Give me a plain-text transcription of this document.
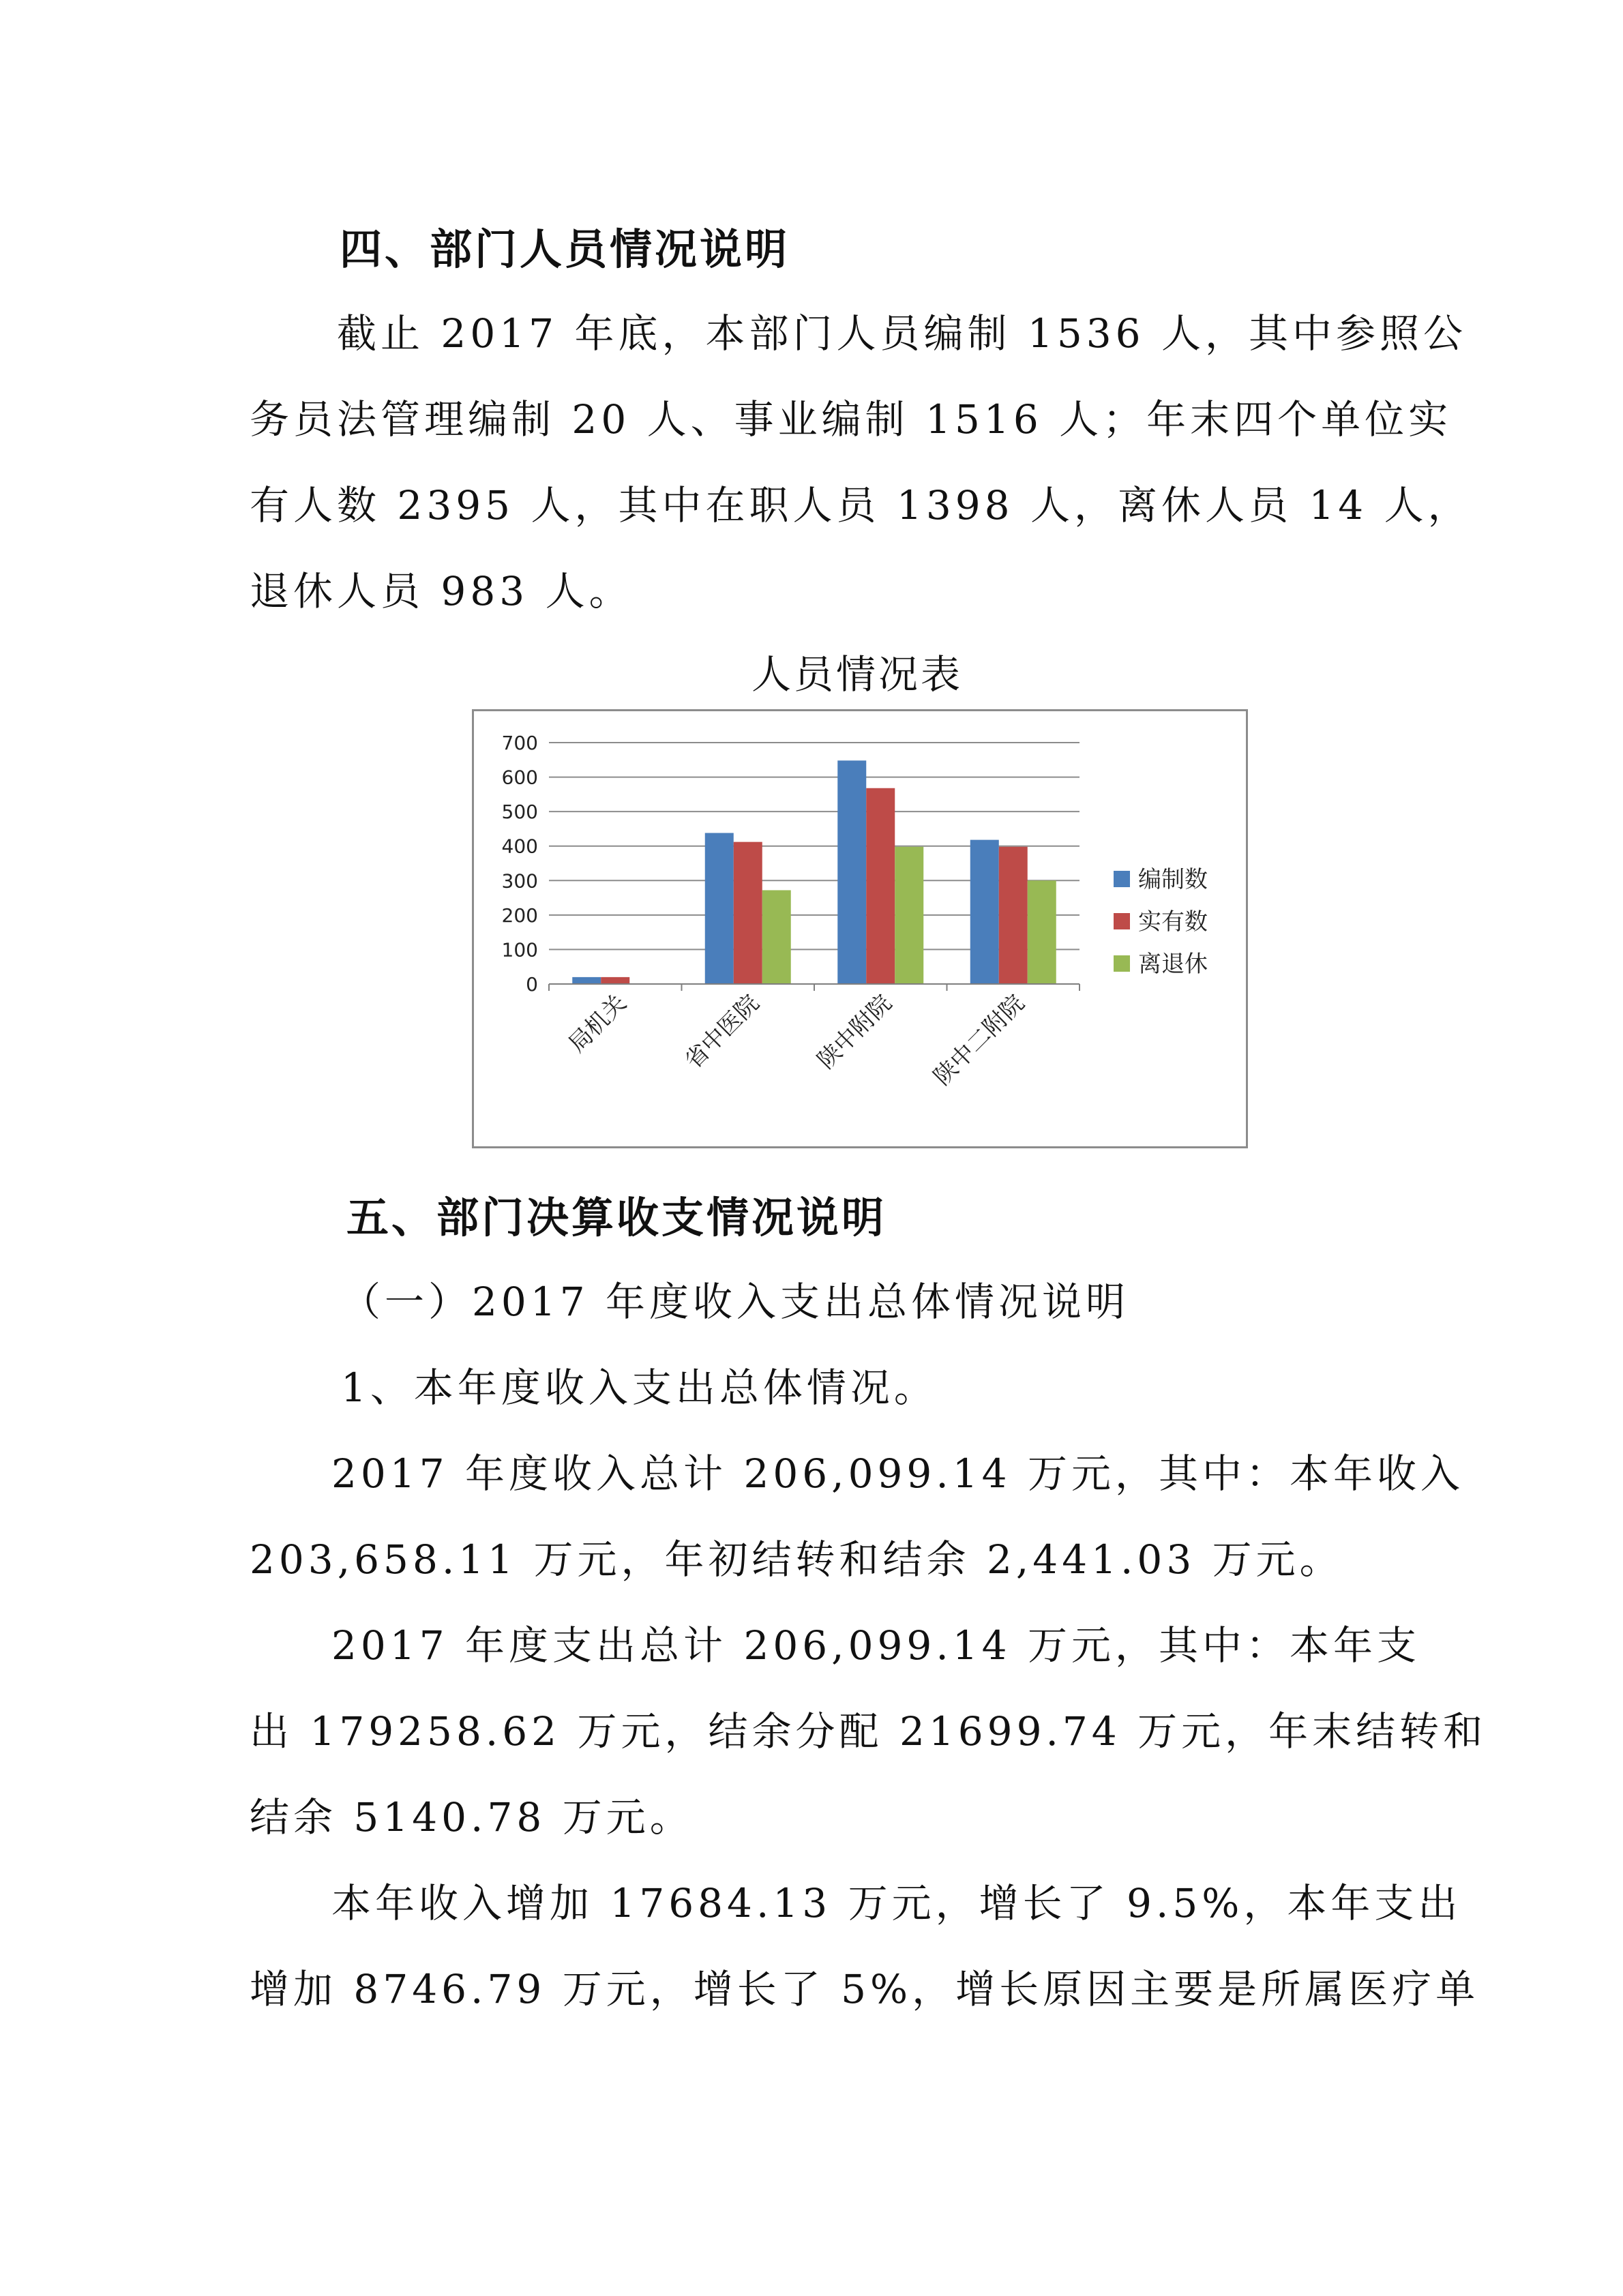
四、部门人员情况说明
截止 2017 年底，本部门人员编制 1536 人，其中参照公
务员法管理编制 20 人、事业编制 1516 人；年末四个单位实
有人数 2395 人，其中在职人员 1398 人，离休人员 14 人，
退休人员 983 人。
人员情况表
0
100
200
300
400
500
600
700
局机关 省中医院 陕中附院 陕中二附院
编制数
实有数
离退休
五、部门决算收支情况说明
（一）2017 年度收入支出总体情况说明
1、本年度收入支出总体情况。
2017 年度收入总计 206,099.14 万元，其中：本年收入
203,658.11 万元，年初结转和结余 2,441.03 万元。
2017 年度支出总计 206,099.14 万元，其中：本年支
出 179258.62 万元，结余分配 21699.74 万元，年末结转和
结余 5140.78 万元。
本年收入增加 17684.13 万元，增长了 9.5%，本年支出
增加 8746.79 万元，增长了 5%，增长原因主要是所属医疗单
